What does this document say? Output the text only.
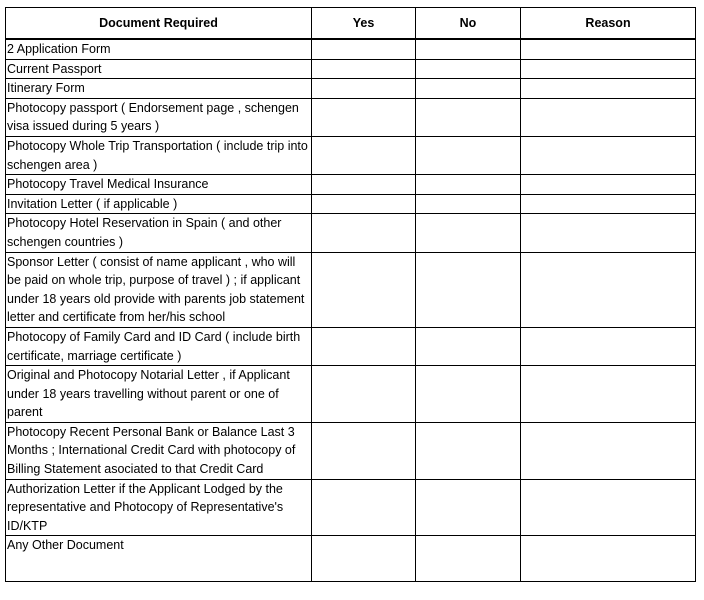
Document Required	Yes	No	Reason
2 Application Form			
Current Passport			
Itinerary Form			
Photocopy passport ( Endorsement page , schengen visa issued during 5 years )			
Photocopy Whole Trip Transportation ( include trip into schengen area )			
Photocopy Travel Medical Insurance			
Invitation Letter ( if applicable )			
Photocopy Hotel Reservation in Spain ( and other schengen countries )			
Sponsor Letter ( consist of name applicant , who will be paid on whole trip, purpose of travel ) ; if applicant under 18 years old provide with parents job statement letter and certificate from her/his school			
Photocopy of Family Card and ID Card ( include birth certificate, marriage certificate )			
Original and Photocopy Notarial Letter , if Applicant under 18 years travelling without parent or one of parent			
Photocopy Recent Personal Bank or Balance Last 3 Months ; International Credit Card with photocopy of Billing Statement asociated to that Credit Card			
Authorization Letter if the Applicant Lodged by the representative and Photocopy of Representative's ID/KTP			
Any Other Document			
